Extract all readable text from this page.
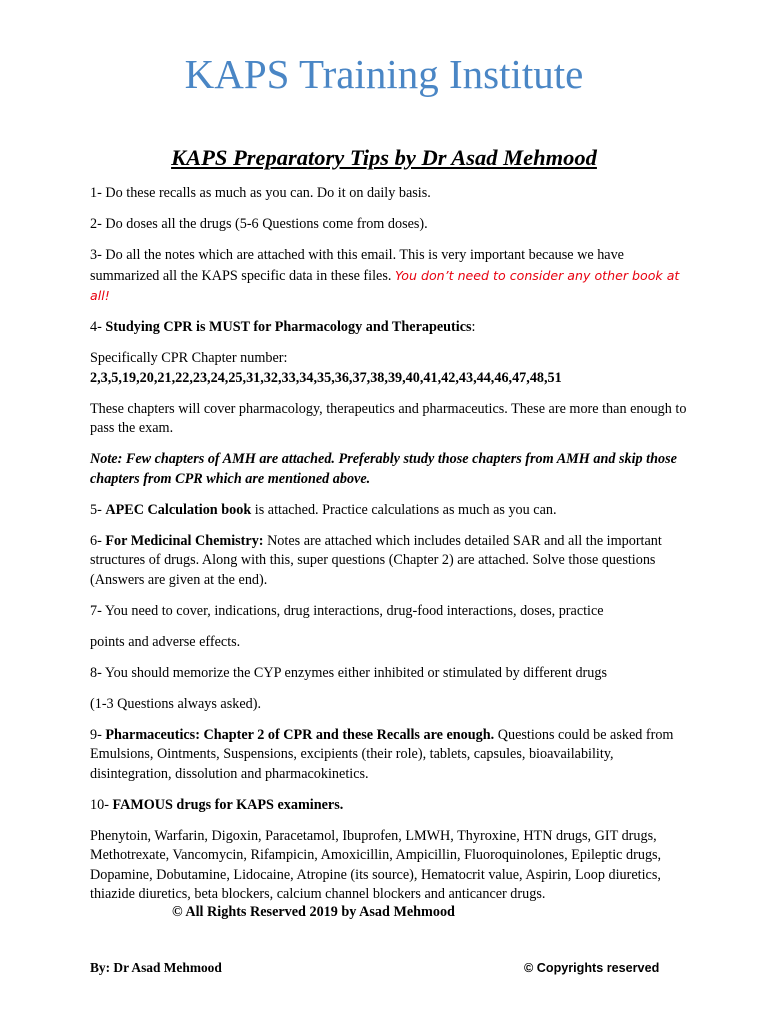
KAPS Training Institute
KAPS Preparatory Tips by Dr Asad Mehmood

1- Do these recalls as much as you can. Do it on daily basis.

2- Do doses all the drugs (5-6 Questions come from doses).

3- Do all the notes which are attached with this email. This is very important because we have summarized all the KAPS specific data in these files. You don’t need to consider any other book at all!

4- Studying CPR is MUST for Pharmacology and Therapeutics:

Specifically CPR Chapter number:
2,3,5,19,20,21,22,23,24,25,31,32,33,34,35,36,37,38,39,40,41,42,43,44,46,47,48,51

These chapters will cover pharmacology, therapeutics and pharmaceutics. These are more than enough to pass the exam.

Note: Few chapters of AMH are attached. Preferably study those chapters from AMH and skip those chapters from CPR which are mentioned above.

5- APEC Calculation book is attached. Practice calculations as much as you can.

6- For Medicinal Chemistry: Notes are attached which includes detailed SAR and all the important structures of drugs. Along with this, super questions (Chapter 2) are attached. Solve those questions (Answers are given at the end).

7- You need to cover, indications, drug interactions, drug-food interactions, doses, practice

points and adverse effects.

8- You should memorize the CYP enzymes either inhibited or stimulated by different drugs

(1-3 Questions always asked).

9- Pharmaceutics: Chapter 2 of CPR and these Recalls are enough. Questions could be asked from Emulsions, Ointments, Suspensions, excipients (their role), tablets, capsules, bioavailability, disintegration, dissolution and pharmacokinetics.

10- FAMOUS drugs for KAPS examiners.

Phenytoin, Warfarin, Digoxin, Paracetamol, Ibuprofen, LMWH, Thyroxine, HTN drugs, GIT drugs, Methotrexate, Vancomycin, Rifampicin, Amoxicillin, Ampicillin, Fluoroquinolones, Epileptic drugs, Dopamine, Dobutamine, Lidocaine, Atropine (its source), Hematocrit value, Aspirin, Loop diuretics, thiazide diuretics, beta blockers, calcium channel blockers and anticancer drugs.

© All Rights Reserved 2019 by Asad Mehmood
By: Dr Asad Mehmood	© Copyrights reserved
